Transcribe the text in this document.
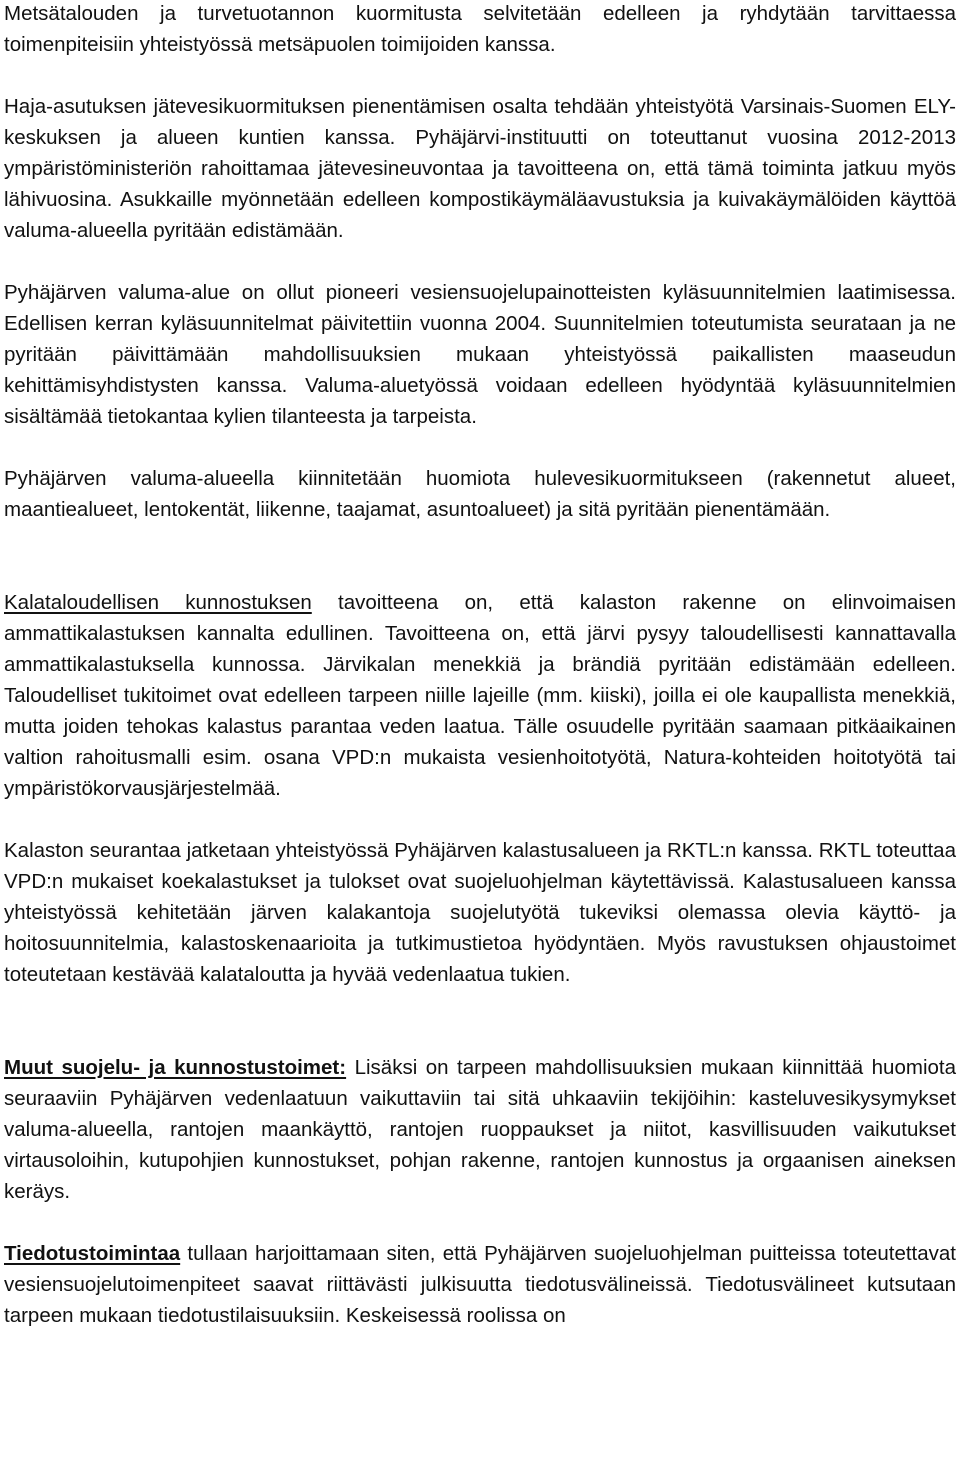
Metsätalouden ja turvetuotannon kuormitusta selvitetään edelleen ja ryhdytään tarvittaessa toimenpiteisiin yhteistyössä metsäpuolen toimijoiden kanssa.

Haja-asutuksen jätevesikuormituksen pienentämisen osalta tehdään yhteistyötä Varsinais-Suomen ELY-keskuksen ja alueen kuntien kanssa. Pyhäjärvi-instituutti on toteuttanut vuosina 2012-2013 ympäristöministeriön rahoittamaa jätevesineuvontaa ja tavoitteena on, että tämä toiminta jatkuu myös lähivuosina. Asukkaille myönnetään edelleen kompostikäymäläavustuksia ja kuivakäymälöiden käyttöä valuma-alueella pyritään edistämään.

Pyhäjärven valuma-alue on ollut pioneeri vesiensuojelupainotteisten kyläsuunnitelmien laatimisessa. Edellisen kerran kyläsuunnitelmat päivitettiin vuonna 2004. Suunnitelmien toteutumista seurataan ja ne pyritään päivittämään mahdollisuuksien mukaan yhteistyössä paikallisten maaseudun kehittämisyhdistysten kanssa. Valuma-aluetyössä voidaan edelleen hyödyntää kyläsuunnitelmien sisältämää tietokantaa kylien tilanteesta ja tarpeista.

Pyhäjärven valuma-alueella kiinnitetään huomiota hulevesikuormitukseen (rakennetut alueet, maantiealueet, lentokentät, liikenne, taajamat, asuntoalueet) ja sitä pyritään pienentämään.

Kalataloudellisen kunnostuksen tavoitteena on, että kalaston rakenne on elinvoimaisen ammattikalastuksen kannalta edullinen. Tavoitteena on, että järvi pysyy taloudellisesti kannattavalla ammattikalastuksella kunnossa. Järvikalan menekkiä ja brändiä pyritään edistämään edelleen. Taloudelliset tukitoimet ovat edelleen tarpeen niille lajeille (mm. kiiski), joilla ei ole kaupallista menekkiä, mutta joiden tehokas kalastus parantaa veden laatua. Tälle osuudelle pyritään saamaan pitkäaikainen valtion rahoitusmalli esim. osana VPD:n mukaista vesienhoitotyötä, Natura-kohteiden hoitotyötä tai ympäristökorvausjärjestelmää.

Kalaston seurantaa jatketaan yhteistyössä Pyhäjärven kalastusalueen ja RKTL:n kanssa. RKTL toteuttaa VPD:n mukaiset koekalastukset ja tulokset ovat suojeluohjelman käytettävissä. Kalastusalueen kanssa yhteistyössä kehitetään järven kalakantoja suojelutyötä tukeviksi olemassa olevia käyttö- ja hoitosuunnitelmia, kalastoskenaarioita ja tutkimustietoa hyödyntäen. Myös ravustuksen ohjaustoimet toteutetaan kestävää kalataloutta ja hyvää vedenlaatua tukien.

Muut suojelu- ja kunnostustoimet: Lisäksi on tarpeen mahdollisuuksien mukaan kiinnittää huomiota seuraaviin Pyhäjärven vedenlaatuun vaikuttaviin tai sitä uhkaaviin tekijöihin: kasteluvesikysymykset valuma-alueella, rantojen maankäyttö, rantojen ruoppaukset ja niitot, kasvillisuuden vaikutukset virtausoloihin, kutupohjien kunnostukset, pohjan rakenne, rantojen kunnostus ja orgaanisen aineksen keräys.

Tiedotustoimintaa tullaan harjoittamaan siten, että Pyhäjärven suojeluohjelman puitteissa toteutettavat vesiensuojelutoimenpiteet saavat riittävästi julkisuutta tiedotusvälineissä. Tiedotusvälineet kutsutaan tarpeen mukaan tiedotustilaisuuksiin. Keskeisessä roolissa on
